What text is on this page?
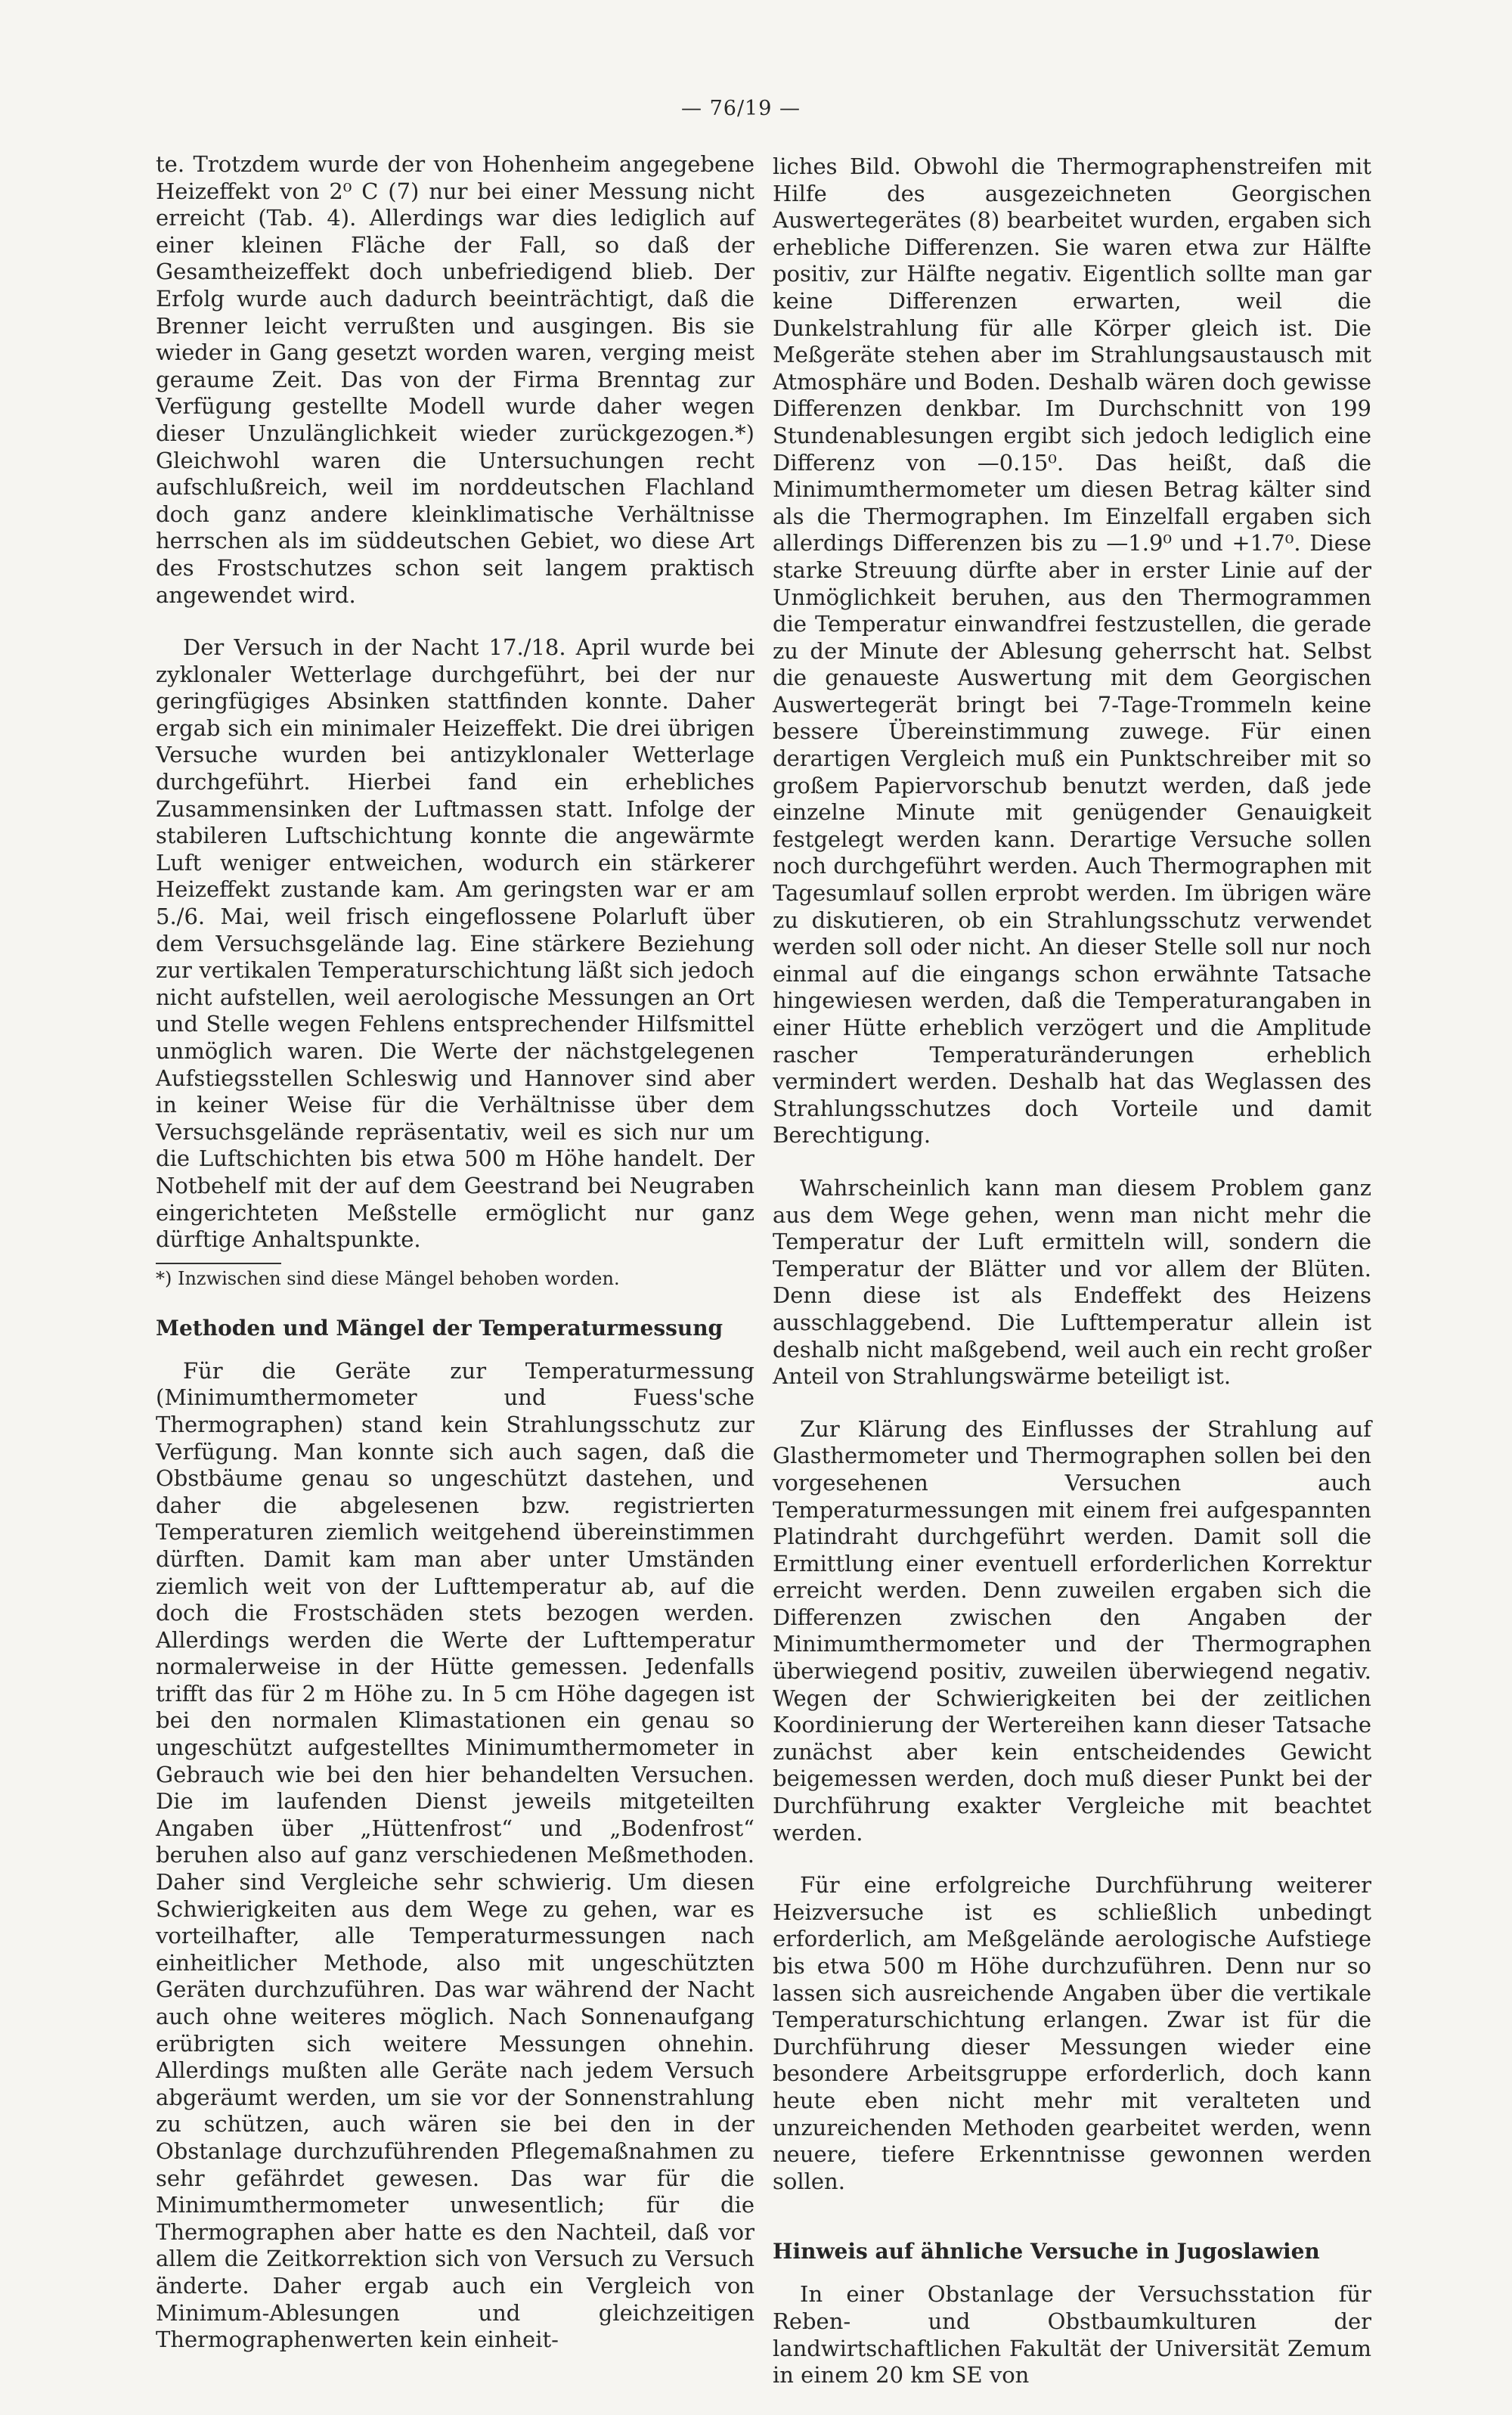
— 76/19 —

te. Trotzdem wurde der von Hohenheim angegebene Heizeffekt von 2⁰ C (7) nur bei einer Messung nicht erreicht (Tab. 4). Allerdings war dies lediglich auf einer kleinen Fläche der Fall, so daß der Gesamtheizeffekt doch unbefriedigend blieb. Der Erfolg wurde auch dadurch beeinträchtigt, daß die Brenner leicht verrußten und ausgingen. Bis sie wieder in Gang gesetzt worden waren, verging meist geraume Zeit. Das von der Firma Brenntag zur Verfügung gestellte Modell wurde daher wegen dieser Unzulänglichkeit wieder zurückgezogen.*) Gleichwohl waren die Untersuchungen recht aufschlußreich, weil im norddeutschen Flachland doch ganz andere kleinklimatische Verhältnisse herrschen als im süddeutschen Gebiet, wo diese Art des Frostschutzes schon seit langem praktisch angewendet wird.

Der Versuch in der Nacht 17./18. April wurde bei zyklonaler Wetterlage durchgeführt, bei der nur geringfügiges Absinken stattfinden konnte. Daher ergab sich ein minimaler Heizeffekt. Die drei übrigen Versuche wurden bei antizyklonaler Wetterlage durchgeführt. Hierbei fand ein erhebliches Zusammensinken der Luftmassen statt. Infolge der stabileren Luftschichtung konnte die angewärmte Luft weniger entweichen, wodurch ein stärkerer Heizeffekt zustande kam. Am geringsten war er am 5./6. Mai, weil frisch eingeflossene Polarluft über dem Versuchsgelände lag. Eine stärkere Beziehung zur vertikalen Temperaturschichtung läßt sich jedoch nicht aufstellen, weil aerologische Messungen an Ort und Stelle wegen Fehlens entsprechender Hilfsmittel unmöglich waren. Die Werte der nächstgelegenen Aufstiegsstellen Schleswig und Hannover sind aber in keiner Weise für die Verhältnisse über dem Versuchsgelände repräsentativ, weil es sich nur um die Luftschichten bis etwa 500 m Höhe handelt. Der Notbehelf mit der auf dem Geestrand bei Neugraben eingerichteten Meßstelle ermöglicht nur ganz dürftige Anhaltspunkte.

*) Inzwischen sind diese Mängel behoben worden.

Methoden und Mängel der Temperaturmessung

Für die Geräte zur Temperaturmessung (Minimumthermometer und Fuess'sche Thermographen) stand kein Strahlungsschutz zur Verfügung. Man konnte sich auch sagen, daß die Obstbäume genau so ungeschützt dastehen, und daher die abgelesenen bzw. registrierten Temperaturen ziemlich weitgehend übereinstimmen dürften. Damit kam man aber unter Umständen ziemlich weit von der Lufttemperatur ab, auf die doch die Frostschäden stets bezogen werden. Allerdings werden die Werte der Lufttemperatur normalerweise in der Hütte gemessen. Jedenfalls trifft das für 2 m Höhe zu. In 5 cm Höhe dagegen ist bei den normalen Klimastationen ein genau so ungeschützt aufgestelltes Minimumthermometer in Gebrauch wie bei den hier behandelten Versuchen. Die im laufenden Dienst jeweils mitgeteilten Angaben über „Hüttenfrost“ und „Bodenfrost“ beruhen also auf ganz verschiedenen Meßmethoden. Daher sind Vergleiche sehr schwierig. Um diesen Schwierigkeiten aus dem Wege zu gehen, war es vorteilhafter, alle Temperaturmessungen nach einheitlicher Methode, also mit ungeschützten Geräten durchzuführen. Das war während der Nacht auch ohne weiteres möglich. Nach Sonnenaufgang erübrigten sich weitere Messungen ohnehin. Allerdings mußten alle Geräte nach jedem Versuch abgeräumt werden, um sie vor der Sonnenstrahlung zu schützen, auch wären sie bei den in der Obstanlage durchzuführenden Pflegemaßnahmen zu sehr gefährdet gewesen. Das war für die Minimumthermometer unwesentlich; für die Thermographen aber hatte es den Nachteil, daß vor allem die Zeitkorrektion sich von Versuch zu Versuch änderte. Daher ergab auch ein Vergleich von Minimum-Ablesungen und gleichzeitigen Thermographenwerten kein einheit-

liches Bild. Obwohl die Thermographenstreifen mit Hilfe des ausgezeichneten Georgischen Auswertegerätes (8) bearbeitet wurden, ergaben sich erhebliche Differenzen. Sie waren etwa zur Hälfte positiv, zur Hälfte negativ. Eigentlich sollte man gar keine Differenzen erwarten, weil die Dunkelstrahlung für alle Körper gleich ist. Die Meßgeräte stehen aber im Strahlungsaustausch mit Atmosphäre und Boden. Deshalb wären doch gewisse Differenzen denkbar. Im Durchschnitt von 199 Stundenablesungen ergibt sich jedoch lediglich eine Differenz von —0.15⁰. Das heißt, daß die Minimumthermometer um diesen Betrag kälter sind als die Thermographen. Im Einzelfall ergaben sich allerdings Differenzen bis zu —1.9⁰ und +1.7⁰. Diese starke Streuung dürfte aber in erster Linie auf der Unmöglichkeit beruhen, aus den Thermogrammen die Temperatur einwandfrei festzustellen, die gerade zu der Minute der Ablesung geherrscht hat. Selbst die genaueste Auswertung mit dem Georgischen Auswertegerät bringt bei 7-Tage-Trommeln keine bessere Übereinstimmung zuwege. Für einen derartigen Vergleich muß ein Punktschreiber mit so großem Papiervorschub benutzt werden, daß jede einzelne Minute mit genügender Genauigkeit festgelegt werden kann. Derartige Versuche sollen noch durchgeführt werden. Auch Thermographen mit Tagesumlauf sollen erprobt werden. Im übrigen wäre zu diskutieren, ob ein Strahlungsschutz verwendet werden soll oder nicht. An dieser Stelle soll nur noch einmal auf die eingangs schon erwähnte Tatsache hingewiesen werden, daß die Temperaturangaben in einer Hütte erheblich verzögert und die Amplitude rascher Temperaturänderungen erheblich vermindert werden. Deshalb hat das Weglassen des Strahlungsschutzes doch Vorteile und damit Berechtigung.

Wahrscheinlich kann man diesem Problem ganz aus dem Wege gehen, wenn man nicht mehr die Temperatur der Luft ermitteln will, sondern die Temperatur der Blätter und vor allem der Blüten. Denn diese ist als Endeffekt des Heizens ausschlaggebend. Die Lufttemperatur allein ist deshalb nicht maßgebend, weil auch ein recht großer Anteil von Strahlungswärme beteiligt ist.

Zur Klärung des Einflusses der Strahlung auf Glasthermometer und Thermographen sollen bei den vorgesehenen Versuchen auch Temperaturmessungen mit einem frei aufgespannten Platindraht durchgeführt werden. Damit soll die Ermittlung einer eventuell erforderlichen Korrektur erreicht werden. Denn zuweilen ergaben sich die Differenzen zwischen den Angaben der Minimumthermometer und der Thermographen überwiegend positiv, zuweilen überwiegend negativ. Wegen der Schwierigkeiten bei der zeitlichen Koordinierung der Wertereihen kann dieser Tatsache zunächst aber kein entscheidendes Gewicht beigemessen werden, doch muß dieser Punkt bei der Durchführung exakter Vergleiche mit beachtet werden.

Für eine erfolgreiche Durchführung weiterer Heizversuche ist es schließlich unbedingt erforderlich, am Meßgelände aerologische Aufstiege bis etwa 500 m Höhe durchzuführen. Denn nur so lassen sich ausreichende Angaben über die vertikale Temperaturschichtung erlangen. Zwar ist für die Durchführung dieser Messungen wieder eine besondere Arbeitsgruppe erforderlich, doch kann heute eben nicht mehr mit veralteten und unzureichenden Methoden gearbeitet werden, wenn neuere, tiefere Erkenntnisse gewonnen werden sollen.

Hinweis auf ähnliche Versuche in Jugoslawien

In einer Obstanlage der Versuchsstation für Reben- und Obstbaumkulturen der landwirtschaftlichen Fakultät der Universität Zemum in einem 20 km SE von
